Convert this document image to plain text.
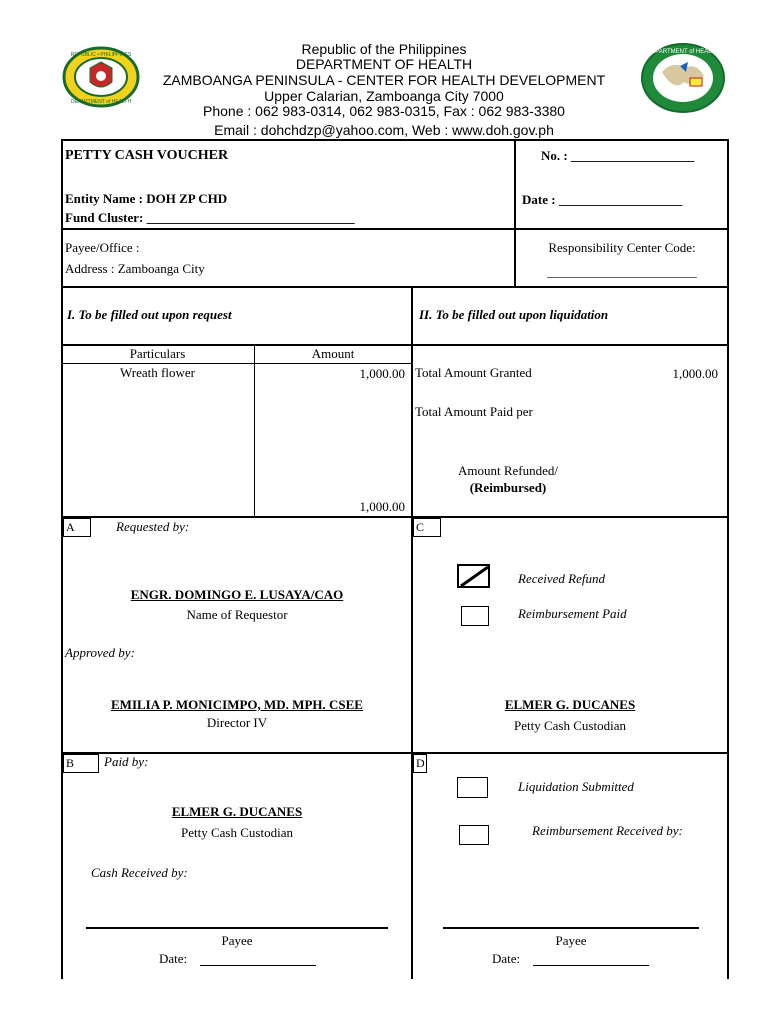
Republic of the Philippines
DEPARTMENT OF HEALTH
ZAMBOANGA PENINSULA - CENTER FOR HEALTH DEVELOPMENT
Upper Calarian, Zamboanga City 7000
Phone : 062 983-0314, 062 983-0315, Fax : 062 983-3380
Email : dohchdzp@yahoo.com, Web : www.doh.gov.ph
REPUBLIC • PHILIPPINES
DEPARTMENT of HEALTH
DEPARTMENT of HEALTH
PETTY CASH VOUCHER	No. : ___________________
Entity Name : DOH ZP CHD
Fund Cluster: ________________________________
Date : ___________________
Payee/Office :
Address : Zamboanga City
Responsibility Center Code:
_______________________
I. To be filled out upon request	II. To be filled out upon liquidation
Particulars	Amount
Wreath flower	1,000.00
1,000.00
Total Amount Granted	1,000.00
Total Amount Paid per
Amount Refunded/
(Reimbursed)
A	Requested by:
ENGR. DOMINGO E. LUSAYA/CAO
Name of Requestor
Approved by:
EMILIA P. MONICIMPO, MD. MPH. CSEE
Director IV
C
Received Refund
Reimbursement Paid
ELMER G. DUCANES
Petty Cash Custodian
B Paid by:
ELMER G. DUCANES
Petty Cash Custodian
Cash Received by:
Payee
Date:
D
Liquidation Submitted
Reimbursement Received by:
Payee
Date:
